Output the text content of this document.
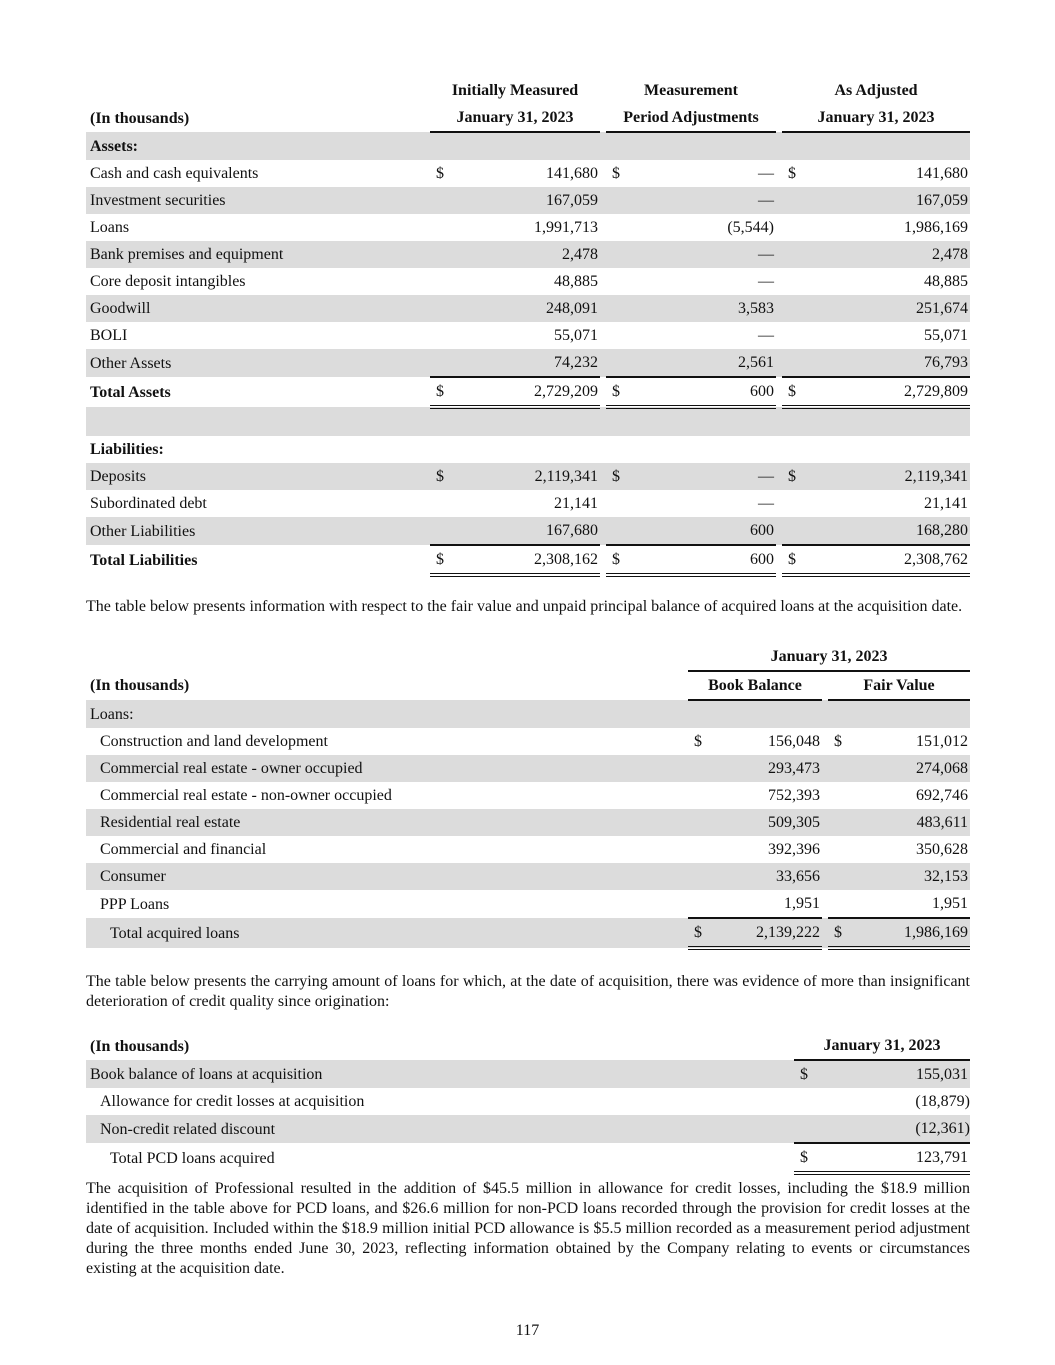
	Initially Measured			Measurement			As Adjusted	
(In thousands)	January 31, 2023			Period Adjustments			January 31, 2023	
Assets:								
Cash and cash equivalents	$	141,680		$	—		$	141,680
Investment securities		167,059			—			167,059
Loans		1,991,713			(5,544)			1,986,169
Bank premises and equipment		2,478			—			2,478
Core deposit intangibles		48,885			—			48,885
Goodwill		248,091			3,583			251,674
BOLI		55,071			—			55,071
Other Assets		74,232			2,561			76,793
Total Assets	$	2,729,209		$	600		$	2,729,809

Liabilities:								
Deposits	$	2,119,341		$	—		$	2,119,341
Subordinated debt		21,141			—			21,141
Other Liabilities		167,680			600			168,280
Total Liabilities	$	2,308,162		$	600		$	2,308,762

The table below presents information with respect to the fair value and unpaid principal balance of acquired loans at the acquisition date.

	January 31, 2023				
(In thousands)	Book Balance			Fair Value	
Loans:					
Construction and land development	$	156,048		$	151,012
Commercial real estate - owner occupied		293,473			274,068
Commercial real estate - non-owner occupied		752,393			692,746
Residential real estate		509,305			483,611
Commercial and financial		392,396			350,628
Consumer		33,656			32,153
PPP Loans		1,951			1,951
Total acquired loans	$	2,139,222		$	1,986,169

The table below presents the carrying amount of loans for which, at the date of acquisition, there was evidence of more than insignificant deterioration of credit quality since origination:

(In thousands)	January 31, 2023	
Book balance of loans at acquisition	$	155,031
Allowance for credit losses at acquisition		(18,879)
Non-credit related discount		(12,361)
Total PCD loans acquired	$	123,791

The acquisition of Professional resulted in the addition of $45.5 million in allowance for credit losses, including the $18.9 million identified in the table above for PCD loans, and $26.6 million for non-PCD loans recorded through the provision for credit losses at the date of acquisition. Included within the $18.9 million initial PCD allowance is $5.5 million recorded as a measurement period adjustment during the three months ended June 30, 2023, reflecting information obtained by the Company relating to events or circumstances existing at the acquisition date.

117
